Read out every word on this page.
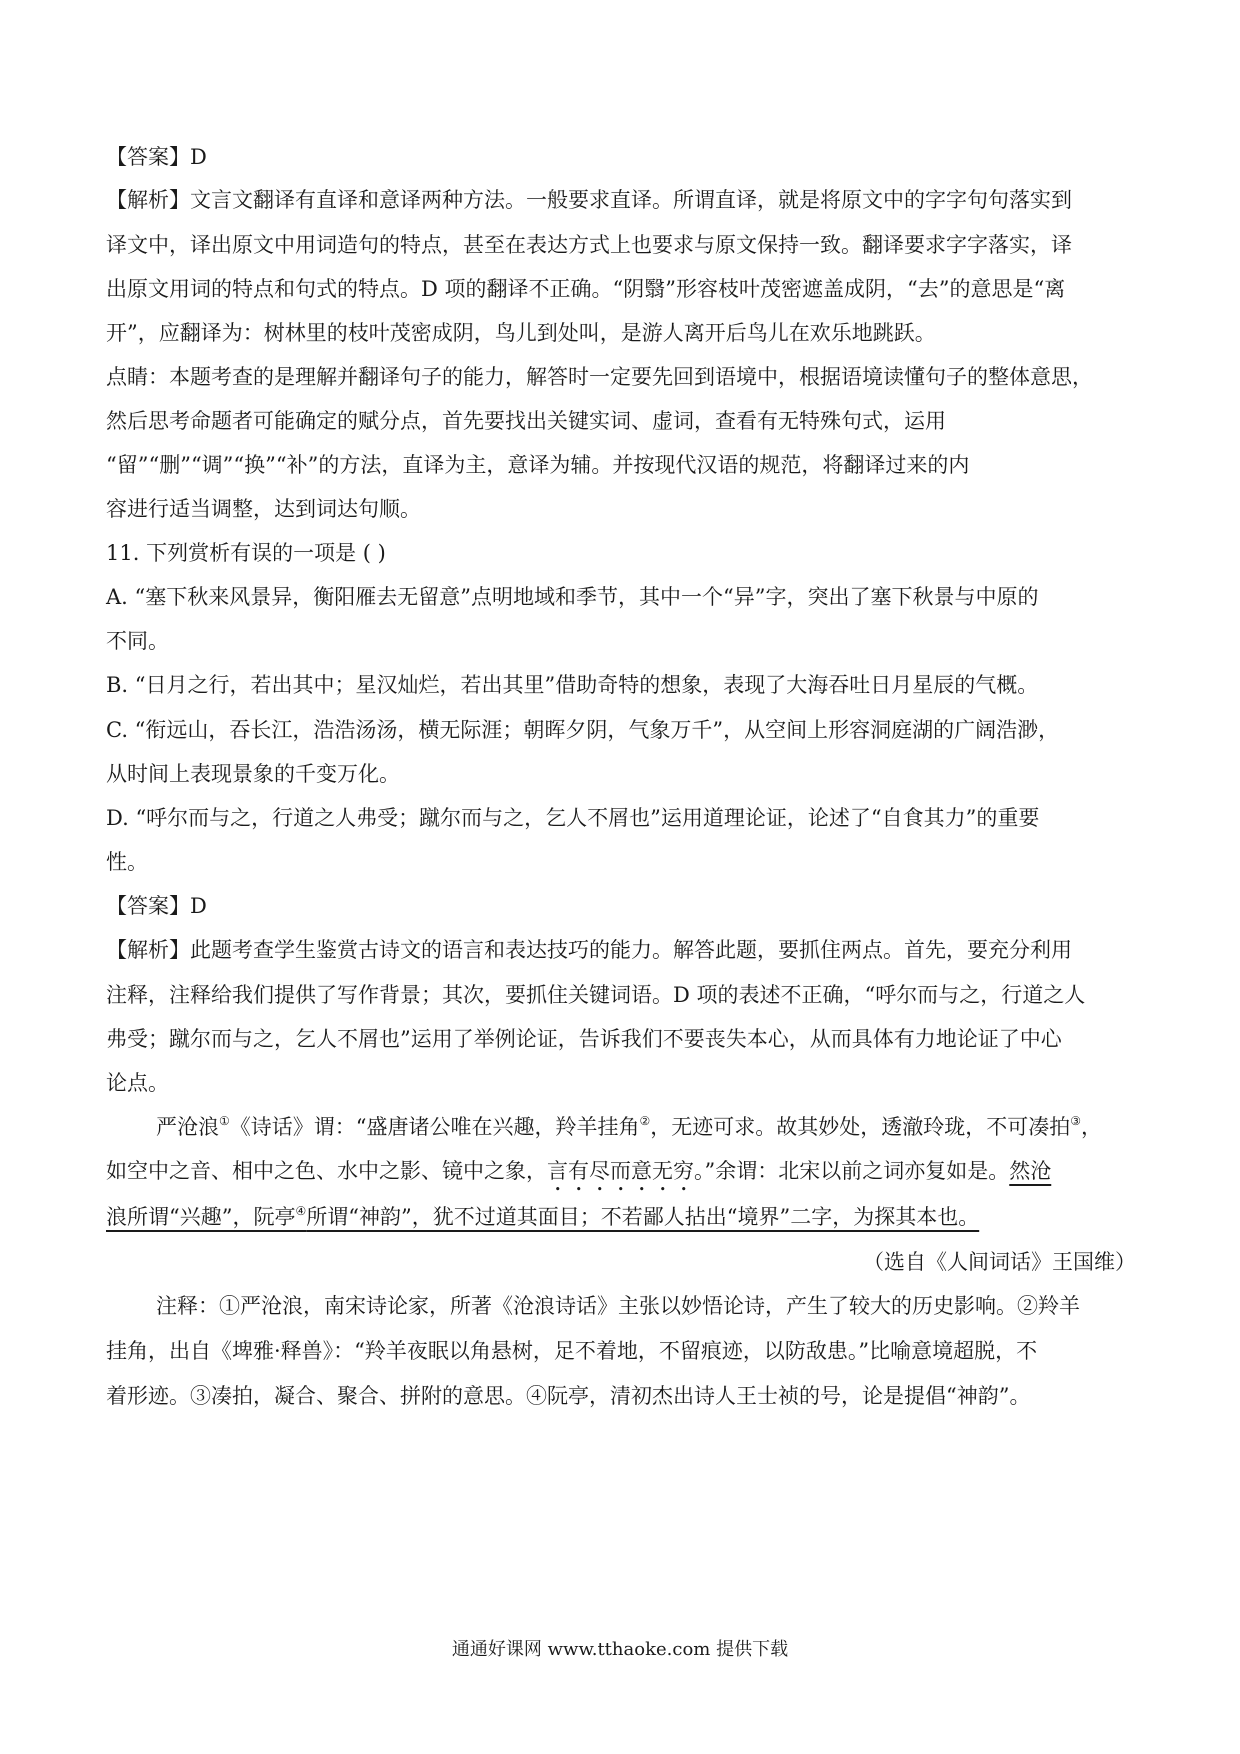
【答案】D
【解析】文言文翻译有直译和意译两种方法。一般要求直译。所谓直译，就是将原文中的字字句句落实到
译文中，译出原文中用词造句的特点，甚至在表达方式上也要求与原文保持一致。翻译要求字字落实，译
出原文用词的特点和句式的特点。D 项的翻译不正确。“阴翳”形容枝叶茂密遮盖成阴，“去”的意思是“离
开”，应翻译为：树林里的枝叶茂密成阴，鸟儿到处叫，是游人离开后鸟儿在欢乐地跳跃。
点睛：本题考查的是理解并翻译句子的能力，解答时一定要先回到语境中，根据语境读懂句子的整体意思，
然后思考命题者可能确定的赋分点，首先要找出关键实词、虚词，查看有无特殊句式，运用
“留”“删”“调”“换”“补”的方法，直译为主，意译为辅。并按现代汉语的规范，将翻译过来的内
容进行适当调整，达到词达句顺。
11. 下列赏析有误的一项是 ( )
A. “塞下秋来风景异，衡阳雁去无留意”点明地域和季节，其中一个“异”字，突出了塞下秋景与中原的
不同。
B. “日月之行，若出其中；星汉灿烂，若出其里”借助奇特的想象，表现了大海吞吐日月星辰的气概。
C. “衔远山，吞长江，浩浩汤汤，横无际涯；朝晖夕阴，气象万千”，从空间上形容洞庭湖的广阔浩渺，
从时间上表现景象的千变万化。
D. “呼尔而与之，行道之人弗受；蹴尔而与之，乞人不屑也”运用道理论证，论述了“自食其力”的重要
性。
【答案】D
【解析】此题考查学生鉴赏古诗文的语言和表达技巧的能力。解答此题，要抓住两点。首先，要充分利用
注释，注释给我们提供了写作背景；其次，要抓住关键词语。D 项的表述不正确，“呼尔而与之，行道之人
弗受；蹴尔而与之，乞人不屑也”运用了举例论证，告诉我们不要丧失本心，从而具体有力地论证了中心
论点。
严沧浪①《诗话》谓：“盛唐诸公唯在兴趣，羚羊挂角②，无迹可求。故其妙处，透澈玲珑，不可凑拍③，
如空中之音、相中之色、水中之影、镜中之象，言有尽而意无穷。”余谓：北宋以前之词亦复如是。然沧
浪所谓“兴趣”，阮亭④所谓“神韵”，犹不过道其面目；不若鄙人拈出“境界”二字，为探其本也。
（选自《人间词话》王国维）
注释：①严沧浪，南宋诗论家，所著《沧浪诗话》主张以妙悟论诗，产生了较大的历史影响。②羚羊
挂角，出自《埤雅·释兽》：“羚羊夜眠以角悬树，足不着地，不留痕迹，以防敌患。”比喻意境超脱，不
着形迹。③凑拍，凝合、聚合、拼附的意思。④阮亭，清初杰出诗人王士祯的号，论是提倡“神韵”。
通通好课网 www.tthaoke.com 提供下载
